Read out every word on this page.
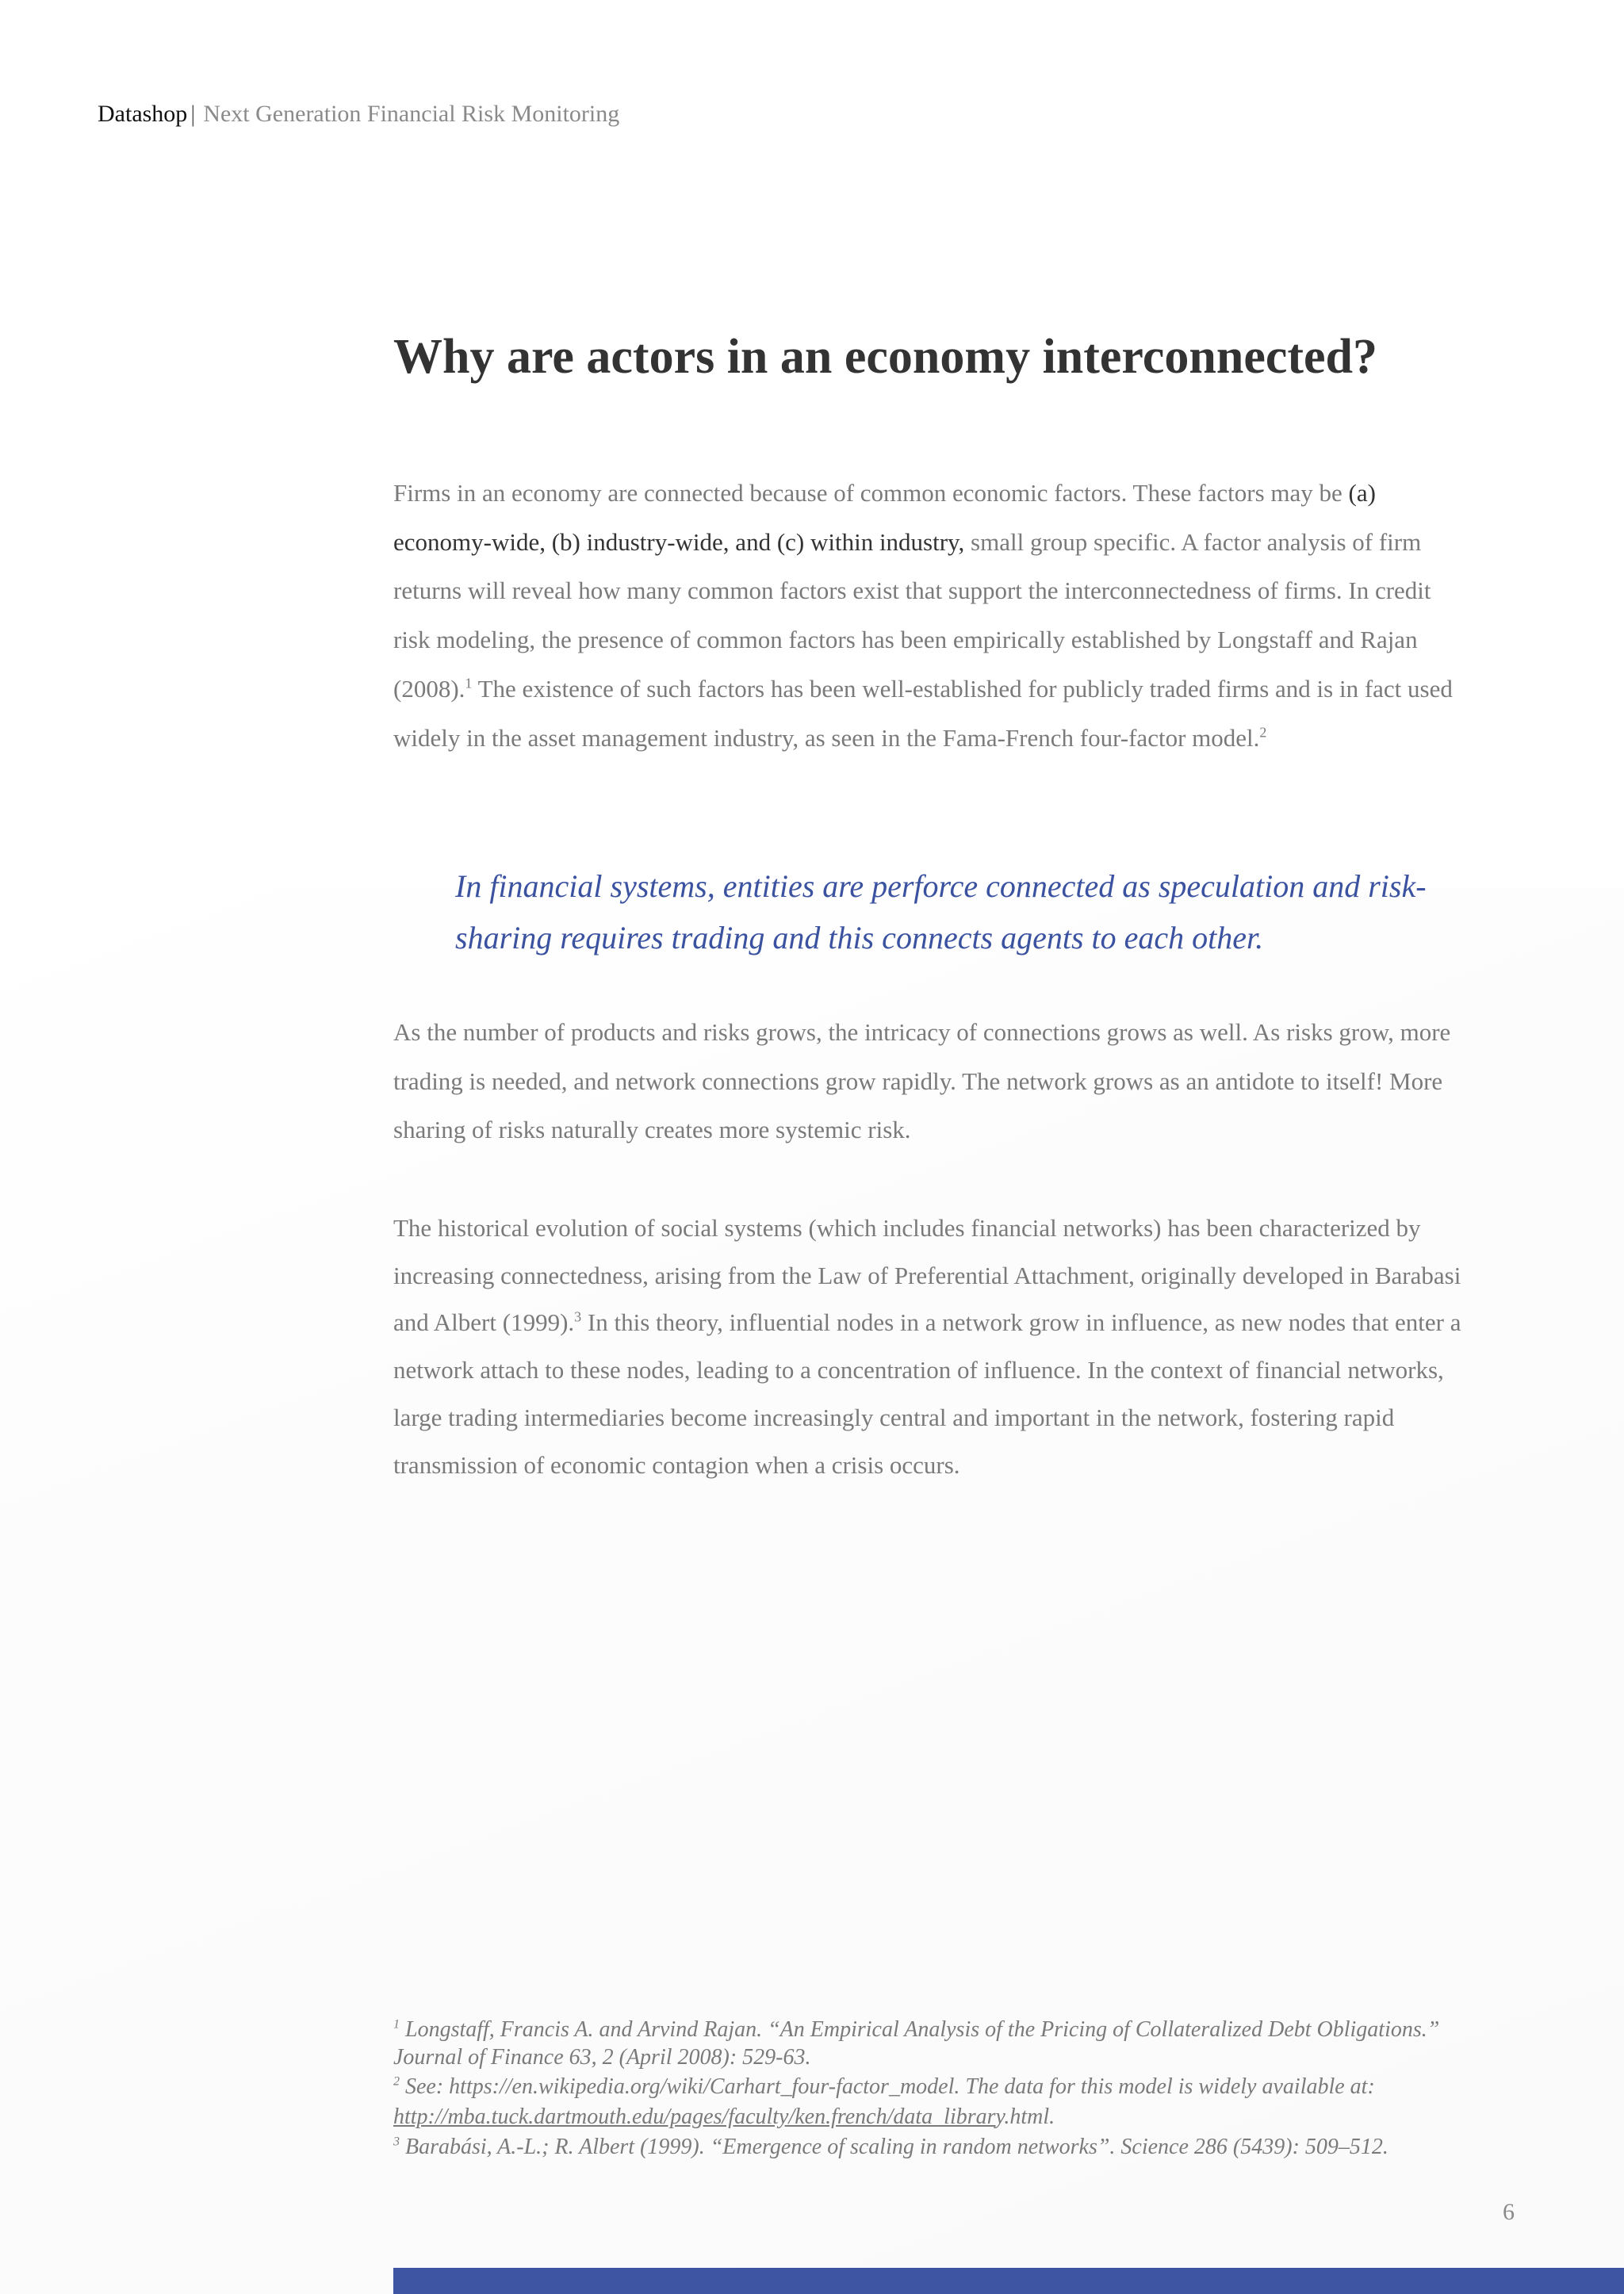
Datashop | Next Generation Financial Risk Monitoring
Why are actors in an economy interconnected?

Firms in an economy are connected because of common economic factors. These factors may be (a) economy-wide, (b) industry-wide, and (c) within industry, small group specific. A factor analysis of firm returns will reveal how many common factors exist that support the interconnectedness of firms. In credit risk modeling, the presence of common factors has been empirically established by Longstaff and Rajan (2008).$^1$ The existence of such factors has been well-established for publicly traded firms and is in fact used widely in the asset management industry, as seen in the Fama-French four-factor model.$^2$

In financial systems, entities are perforce connected as speculation and risk-sharing requires trading and this connects agents to each other.

As the number of products and risks grows, the intricacy of connections grows as well. As risks grow, more trading is needed, and network connections grow rapidly. The network grows as an antidote to itself! More sharing of risks naturally creates more systemic risk.

The historical evolution of social systems (which includes financial networks) has been characterized by increasing connectedness, arising from the Law of Preferential Attachment, originally developed in Barabasi and Albert (1999).$^3$ In this theory, influential nodes in a network grow in influence, as new nodes that enter a network attach to these nodes, leading to a concentration of influence. In the context of financial networks, large trading intermediaries become increasingly central and important in the network, fostering rapid transmission of economic contagion when a crisis occurs.

$^1$ Longstaff, Francis A. and Arvind Rajan. “An Empirical Analysis of the Pricing of Collateralized Debt Obligations.”

Journal of Finance 63, 2 (April 2008): 529-63.

$^2$ See: https://en.wikipedia.org/wiki/Carhart_four-factor_model. The data for this model is widely available at:
http://mba.tuck.dartmouth.edu/pages/faculty/ken.french/data_library.html.

$^3$ Barabási, A.-L.; R. Albert (1999). “Emergence of scaling in random networks”. Science 286 (5439): 509–512.

6
